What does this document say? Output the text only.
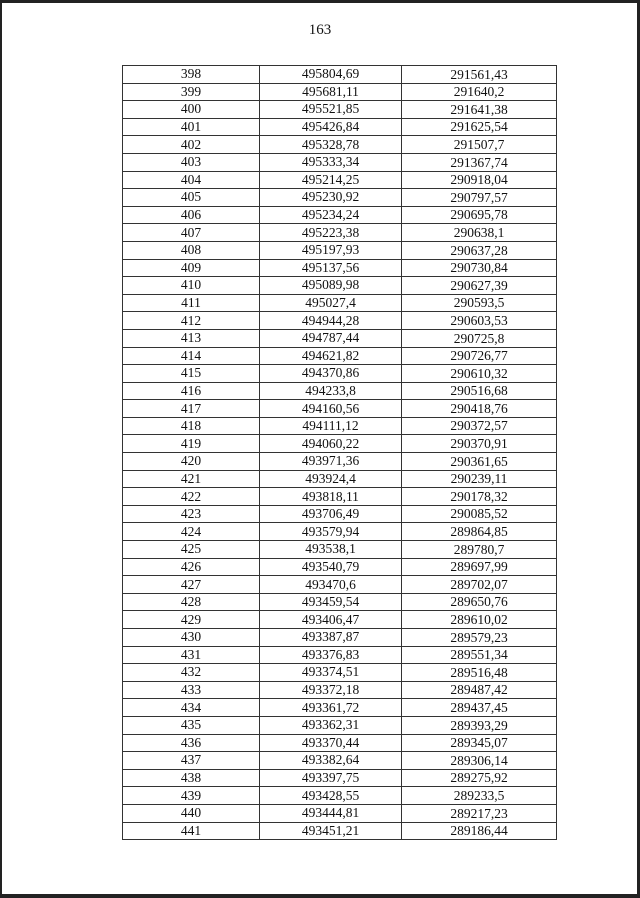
163
398	495804,69	291561,43
399	495681,11	291640,2
400	495521,85	291641,38
401	495426,84	291625,54
402	495328,78	291507,7
403	495333,34	291367,74
404	495214,25	290918,04
405	495230,92	290797,57
406	495234,24	290695,78
407	495223,38	290638,1
408	495197,93	290637,28
409	495137,56	290730,84
410	495089,98	290627,39
411	495027,4	290593,5
412	494944,28	290603,53
413	494787,44	290725,8
414	494621,82	290726,77
415	494370,86	290610,32
416	494233,8	290516,68
417	494160,56	290418,76
418	494111,12	290372,57
419	494060,22	290370,91
420	493971,36	290361,65
421	493924,4	290239,11
422	493818,11	290178,32
423	493706,49	290085,52
424	493579,94	289864,85
425	493538,1	289780,7
426	493540,79	289697,99
427	493470,6	289702,07
428	493459,54	289650,76
429	493406,47	289610,02
430	493387,87	289579,23
431	493376,83	289551,34
432	493374,51	289516,48
433	493372,18	289487,42
434	493361,72	289437,45
435	493362,31	289393,29
436	493370,44	289345,07
437	493382,64	289306,14
438	493397,75	289275,92
439	493428,55	289233,5
440	493444,81	289217,23
441	493451,21	289186,44
